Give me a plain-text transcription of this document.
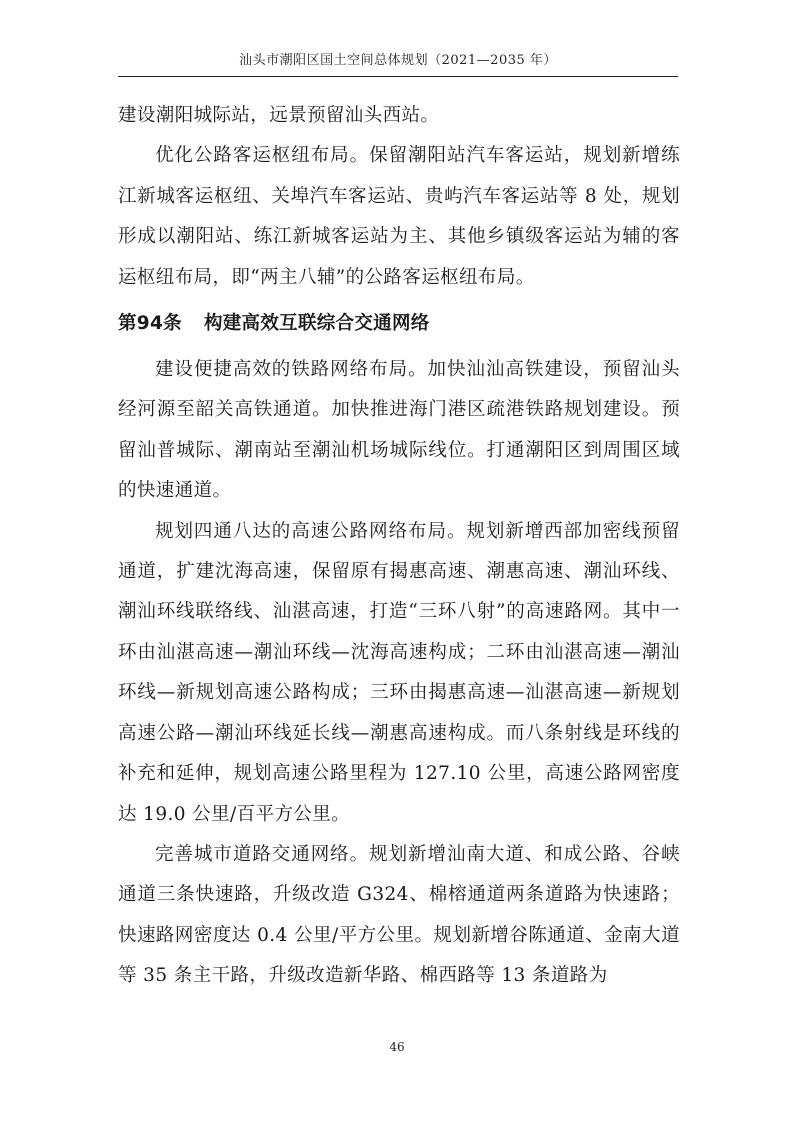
汕头市潮阳区国土空间总体规划（2021—2035 年）

建设潮阳城际站，远景预留汕头西站。

优化公路客运枢纽布局。保留潮阳站汽车客运站，规划新增练江新城客运枢纽、关埠汽车客运站、贵屿汽车客运站等 8 处，规划形成以潮阳站、练江新城客运站为主、其他乡镇级客运站为辅的客运枢纽布局，即“两主八辅”的公路客运枢纽布局。

第94条 构建高效互联综合交通网络

建设便捷高效的铁路网络布局。加快汕汕高铁建设，预留汕头经河源至韶关高铁通道。加快推进海门港区疏港铁路规划建设。预留汕普城际、潮南站至潮汕机场城际线位。打通潮阳区到周围区域的快速通道。

规划四通八达的高速公路网络布局。规划新增西部加密线预留通道，扩建沈海高速，保留原有揭惠高速、潮惠高速、潮汕环线、潮汕环线联络线、汕湛高速，打造“三环八射”的高速路网。其中一环由汕湛高速—潮汕环线—沈海高速构成；二环由汕湛高速—潮汕环线—新规划高速公路构成；三环由揭惠高速—汕湛高速—新规划高速公路—潮汕环线延长线—潮惠高速构成。而八条射线是环线的补充和延伸，规划高速公路里程为 127.10 公里，高速公路网密度达 19.0 公里/百平方公里。

完善城市道路交通网络。规划新增汕南大道、和成公路、谷峡通道三条快速路，升级改造 G324、棉榕通道两条道路为快速路；快速路网密度达 0.4 公里/平方公里。规划新增谷陈通道、金南大道等 35 条主干路，升级改造新华路、棉西路等 13 条道路为

46
